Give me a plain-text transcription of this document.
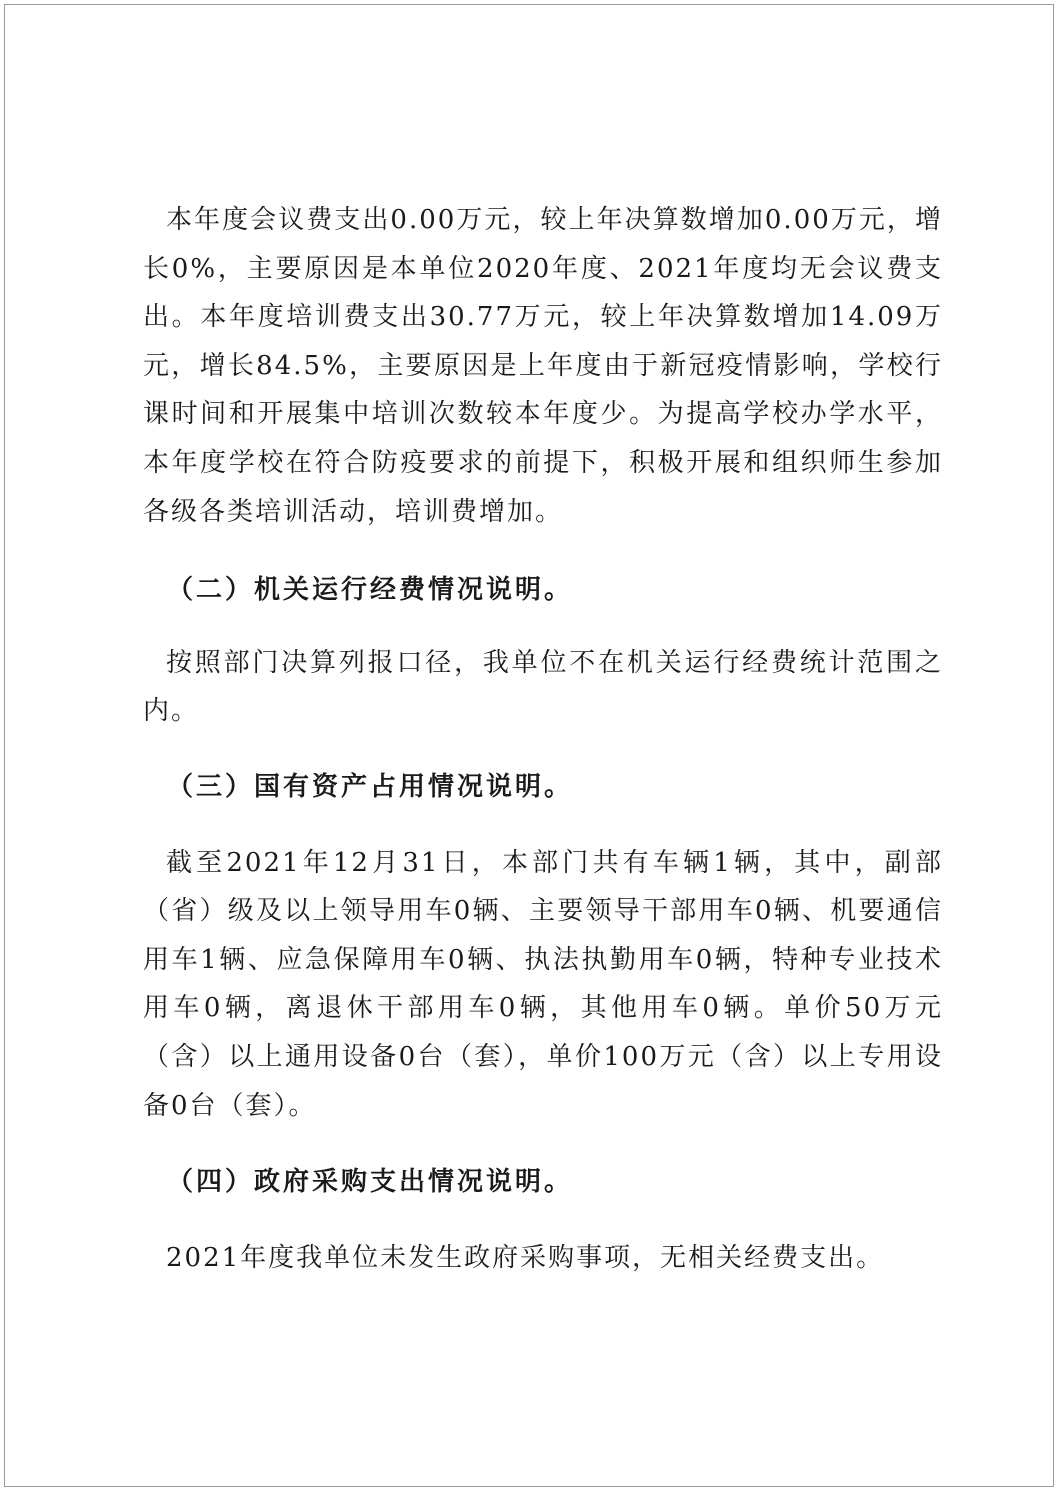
本年度会议费支出0.00万元，较上年决算数增加0.00万元，增长0%，主要原因是本单位2020年度、2021年度均无会议费支出。本年度培训费支出30.77万元，较上年决算数增加14.09万元，增长84.5%，主要原因是上年度由于新冠疫情影响，学校行课时间和开展集中培训次数较本年度少。为提高学校办学水平，本年度学校在符合防疫要求的前提下，积极开展和组织师生参加各级各类培训活动，培训费增加。

（二）机关运行经费情况说明。

按照部门决算列报口径，我单位不在机关运行经费统计范围之内。

（三）国有资产占用情况说明。

截至2021年12月31日，本部门共有车辆1辆，其中，副部（省）级及以上领导用车0辆、主要领导干部用车0辆、机要通信用车1辆、应急保障用车0辆、执法执勤用车0辆，特种专业技术用车0辆，离退休干部用车0辆，其他用车0辆。单价50万元（含）以上通用设备0台（套），单价100万元（含）以上专用设备0台（套）。

（四）政府采购支出情况说明。

2021年度我单位未发生政府采购事项，无相关经费支出。
